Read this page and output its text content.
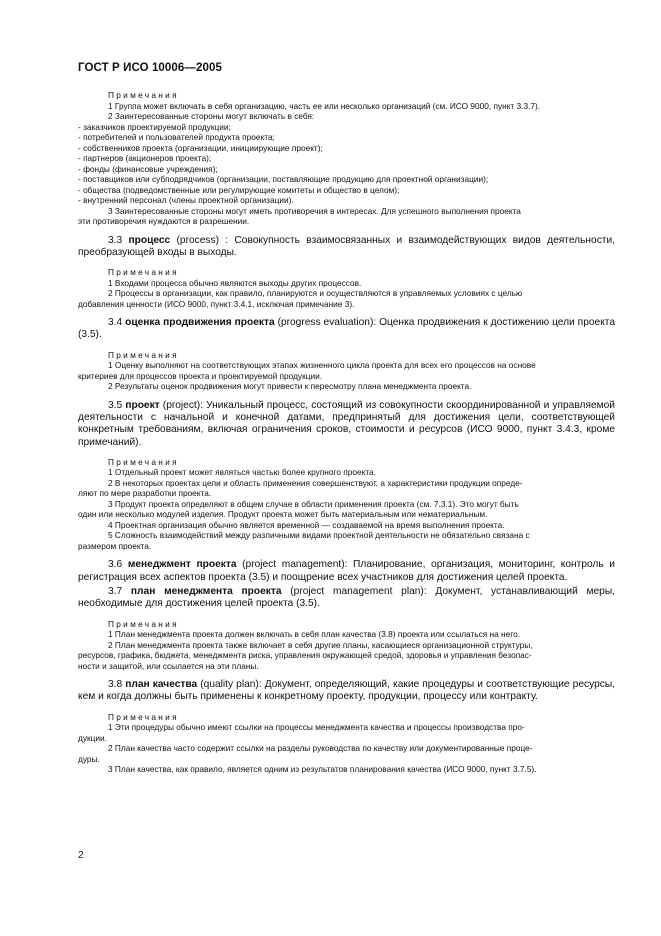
ГОСТ Р ИСО 10006—2005
Примечания
1 Группа может включать в себя организацию, часть ее или несколько организаций (см. ИСО 9000, пункт 3.3.7).
2 Заинтересованные стороны могут включать в себя:
- заказчиков проектируемой продукции;
- потребителей и пользователей продукта проекта;
- собственников проекта (организации, инициирующие проект);
- партнеров (акционеров проекта);
- фонды (финансовые учреждения);
- поставщиков или субподрядчиков (организации, поставляющие продукцию для проектной организации);
- общества (подведомственные или регулирующие комитеты и общество в целом);
- внутренний персонал (члены проектной организации).
3 Заинтересованные стороны могут иметь противоречия в интересах. Для успешного выполнения проекта
эти противоречия нуждаются в разрешении.
3.3 процесс (process) : Совокупность взаимосвязанных и взаимодействующих видов деятельности, преобразующей входы в выходы.
Примечания
1 Входами процесса обычно являются выходы других процессов.
2 Процессы в организации, как правило, планируются и осуществляются в управляемых условиях с целью
добавления ценности (ИСО 9000, пункт 3.4.1, исключая примечание 3).
3.4 оценка продвижения проекта (progress evaluation): Оценка продвижения к достижению цели проекта (3.5).
Примечания
1 Оценку выполняют на соответствующих этапах жизненного цикла проекта для всех его процессов на основе
критериев для процессов проекта и проектируемой продукции.
2 Результаты оценок продвижения могут привести к пересмотру плана менеджмента проекта.
3.5 проект (project): Уникальный процесс, состоящий из совокупности скоординированной и управляемой деятельности с начальной и конечной датами, предпринятый для достижения цели, соответствующей конкретным требованиям, включая ограничения сроков, стоимости и ресурсов (ИСО 9000, пункт 3.4.3, кроме примечаний).
Примечания
1 Отдельный проект может являться частью более крупного проекта.
2 В некоторых проектах цели и область применения совершенствуют, а характеристики продукции опреде-
ляют по мере разработки проекта.
3 Продукт проекта определяют в общем случае в области применения проекта (см. 7.3.1). Это могут быть
один или несколько модулей изделия. Продукт проекта может быть материальным или нематериальным.
4 Проектная организация обычно является временной — создаваемой на время выполнения проекта.
5 Сложность взаимодействий между различными видами проектной деятельности не обязательно связана с
размером проекта.
3.6 менеджмент проекта (project management): Планирование, организация, мониторинг, контроль и регистрация всех аспектов проекта (3.5) и поощрение всех участников для достижения целей проекта.
3.7 план менеджмента проекта (project management plan): Документ, устанавливающий меры, необходимые для достижения целей проекта (3.5).
Примечания
1 План менеджмента проекта должен включать в себя план качества (3.8) проекта или ссылаться на него.
2 План менеджмента проекта также включает в себя другие планы, касающиеся организационной структуры,
ресурсов, графика, бюджета, менеджмента риска, управления окружающей средой, здоровья и управления безопас-
ности и защитой, или ссылается на эти планы.
3.8 план качества (quality plan): Документ, определяющий, какие процедуры и соответствующие ресурсы, кем и когда должны быть применены к конкретному проекту, продукции, процессу или контракту.
Примечания
1 Эти процедуры обычно имеют ссылки на процессы менеджмента качества и процессы производства про-
дукции.
2 План качества часто содержит ссылки на разделы руководства по качеству или документированные проце-
дуры.
3 План качества, как правило, является одним из результатов планирования качества (ИСО 9000, пункт 3.7.5).
2
